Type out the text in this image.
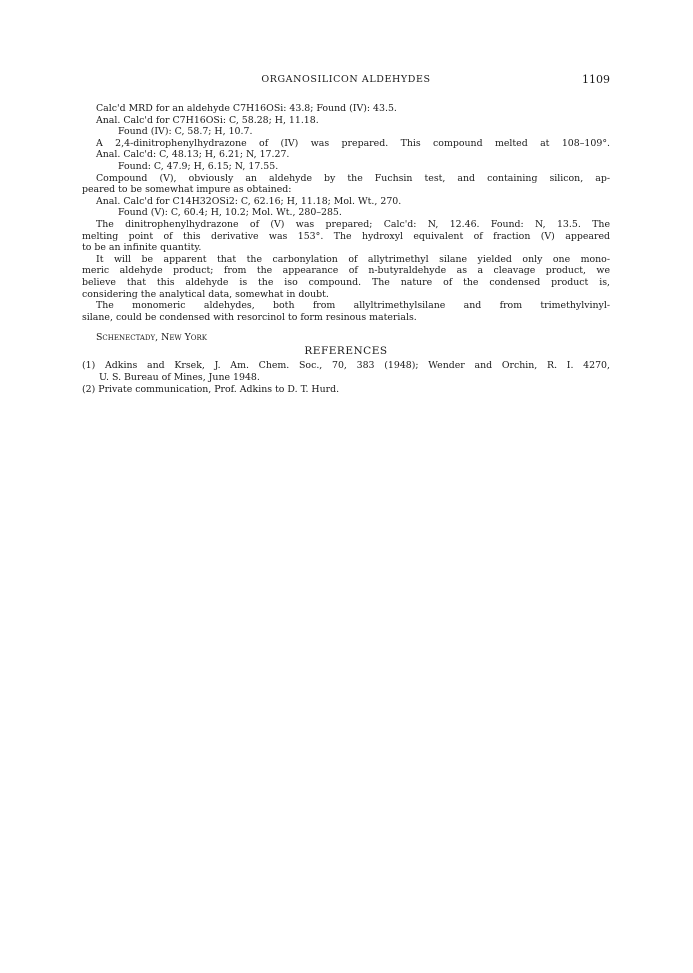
ORGANOSILICON ALDEHYDES	1109
Calc'd MRD for an aldehyde C7H16OSi: 43.8; Found (IV): 43.5.
Anal. Calc'd for C7H16OSi: C, 58.28; H, 11.18.
Found (IV): C, 58.7; H, 10.7.
A 2,4-dinitrophenylhydrazone of (IV) was prepared. This compound melted at 108–109°.
Anal. Calc'd: C, 48.13; H, 6.21; N, 17.27.
Found: C, 47.9; H, 6.15; N, 17.55.
Compound (V), obviously an aldehyde by the Fuchsin test, and containing silicon, ap-
peared to be somewhat impure as obtained:
Anal. Calc'd for C14H32OSi2: C, 62.16; H, 11.18; Mol. Wt., 270.
Found (V): C, 60.4; H, 10.2; Mol. Wt., 280–285.
The dinitrophenylhydrazone of (V) was prepared; Calc'd: N, 12.46. Found: N, 13.5. The
melting point of this derivative was 153°. The hydroxyl equivalent of fraction (V) appeared
to be an infinite quantity.
It will be apparent that the carbonylation of allytrimethyl silane yielded only one mono-
meric aldehyde product; from the appearance of n-butyraldehyde as a cleavage product, we
believe that this aldehyde is the iso compound. The nature of the condensed product is,
considering the analytical data, somewhat in doubt.
The monomeric aldehydes, both from allyltrimethylsilane and from trimethylvinyl-
silane, could be condensed with resorcinol to form resinous materials.
Schenectady, New York
REFERENCES
(1) Adkins and Krsek, J. Am. Chem. Soc., 70, 383 (1948); Wender and Orchin, R. I. 4270,
U. S. Bureau of Mines, June 1948.
(2) Private communication, Prof. Adkins to D. T. Hurd.
